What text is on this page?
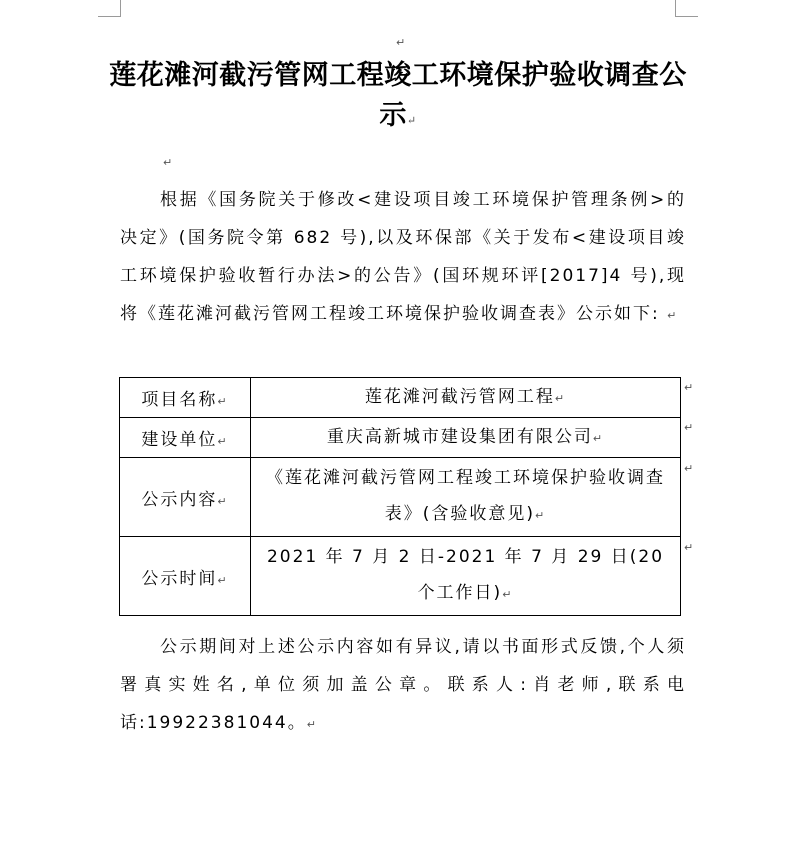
↵
莲花滩河截污管网工程竣工环境保护验收调查公示↵
↵
根据《国务院关于修改<建设项目竣工环境保护管理条例>的决定》(国务院令第 682 号),以及环保部《关于发布<建设项目竣工环境保护验收暂行办法>的公告》(国环规环评[2017]4 号),现将《莲花滩河截污管网工程竣工环境保护验收调查表》公示如下: ↵
项目名称↵	莲花滩河截污管网工程↵
建设单位↵	重庆高新城市建设集团有限公司↵
公示内容↵	《莲花滩河截污管网工程竣工环境保护验收调查表》(含验收意见)↵
公示时间↵	2021 年 7 月 2 日-2021 年 7 月 29 日(20 个工作日)↵
↵
↵
↵
↵
公示期间对上述公示内容如有异议,请以书面形式反馈,个人须署真实姓名,单位须加盖公章。联系人:肖老师,联系电话:19922381044。↵
